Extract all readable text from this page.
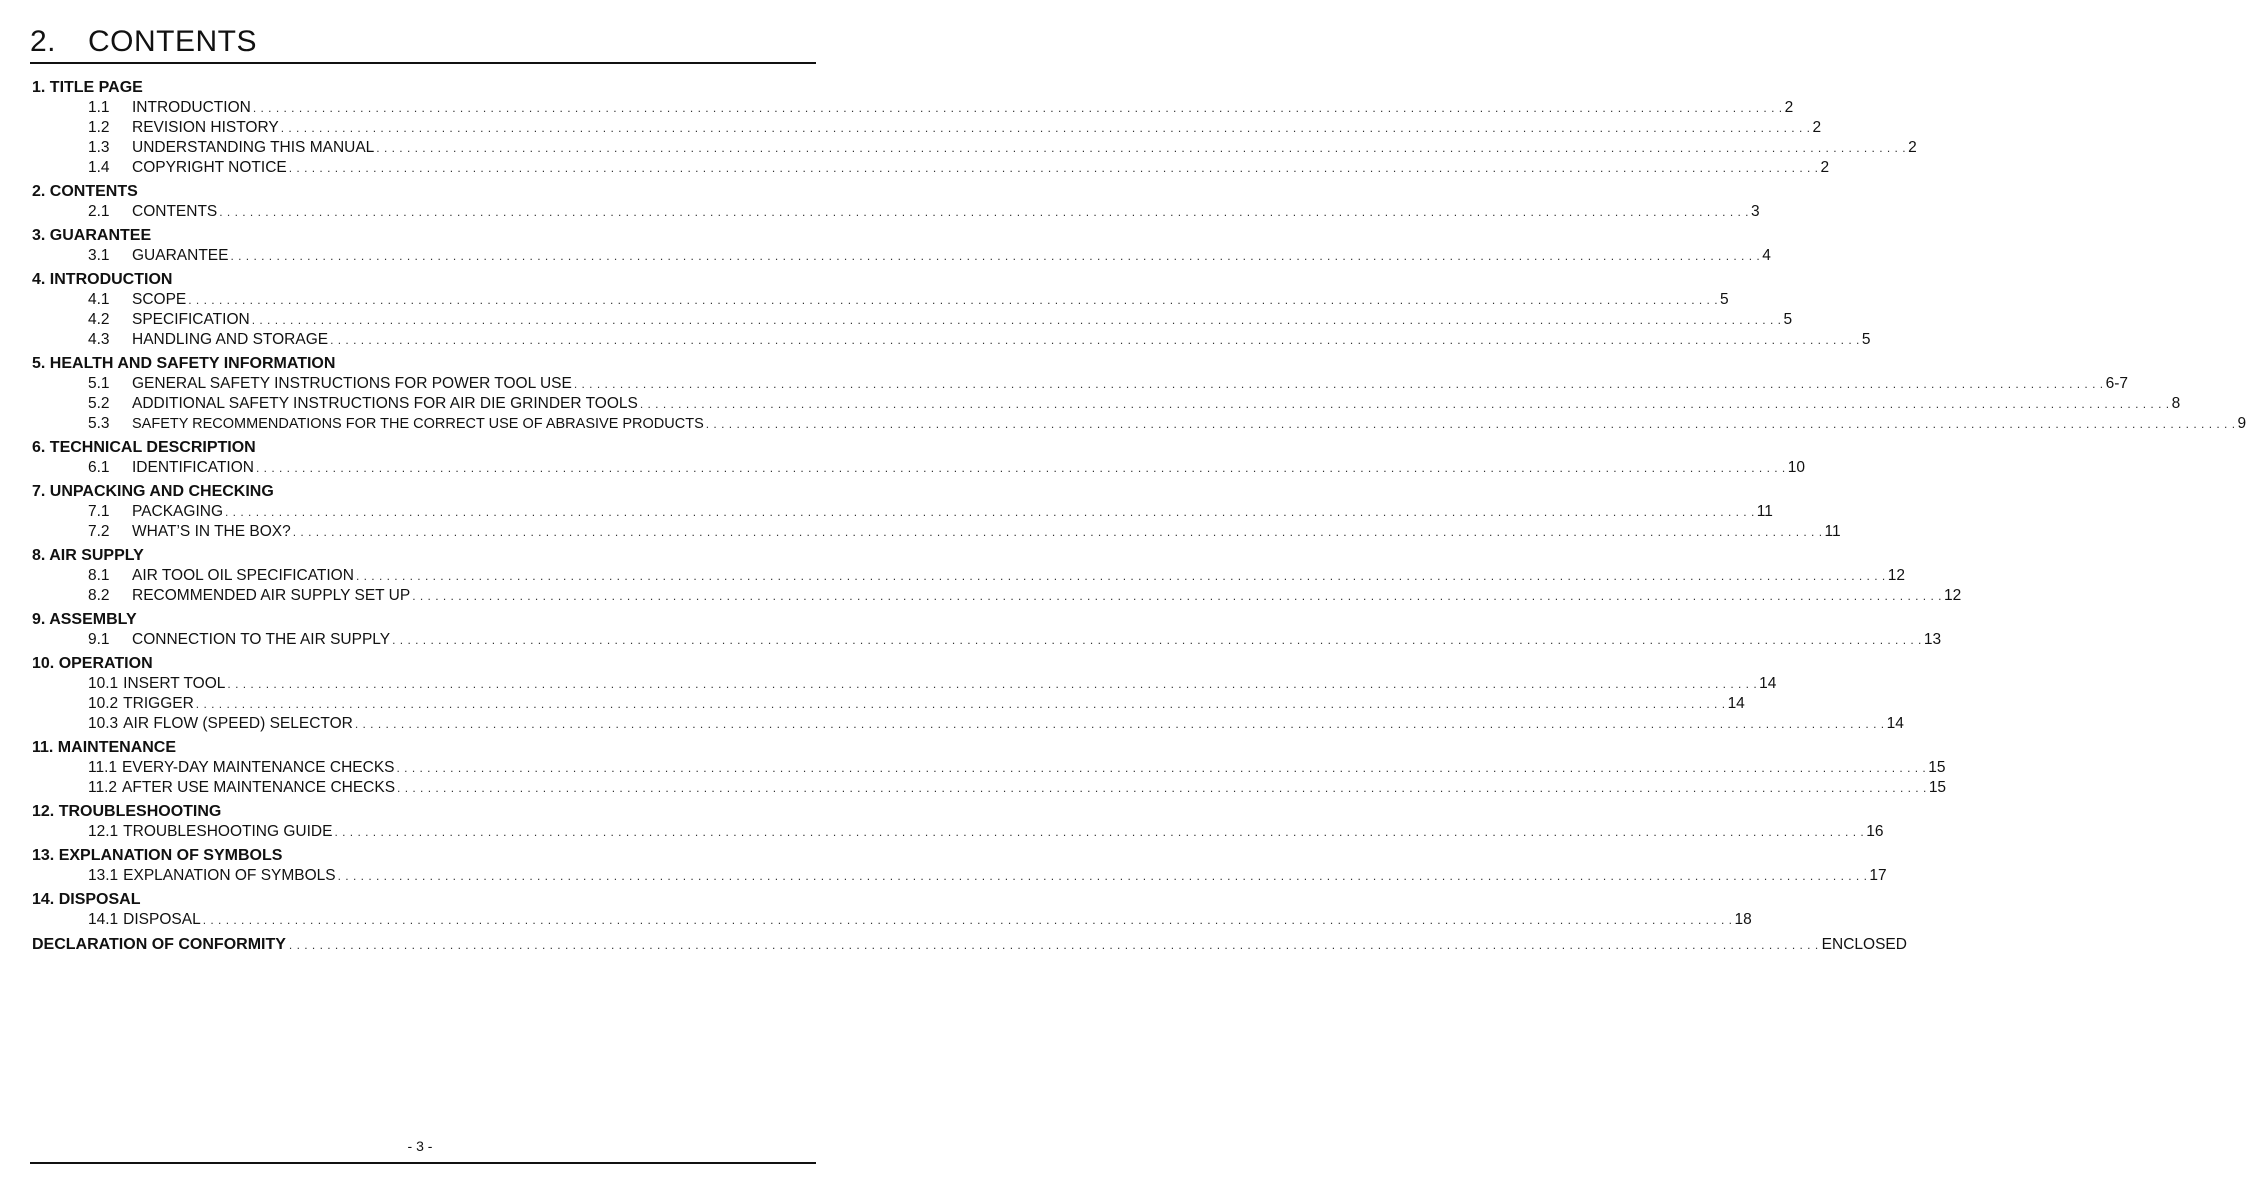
2. CONTENTS
1. TITLE PAGE
1.1	INTRODUCTION . . . . . . . . . . . . . . . . . . . . . . . . . . . . . . . . . . . . . . . . . . . . . . . . . . . . . . . . . . . . . . . . . . . . . . . . . . . . . . . . . . . . . . . . . . . . . . . . . . . . . . . . . . . . . . . . . . . . . . . . . . . . . . . . . . . . . . . . . . . . . . . . . . . . . . . . . . . . . . . . . . . . . . . . . . . . . . . . . . . . . . . . . . . . . . . . . . . . . . . . 2
1.2	REVISION HISTORY . . . . . . . . . . . . . . . . . . . . . . . . . . . . . . . . . . . . . . . . . . . . . . . . . . . . . . . . . . . . . . . . . . . . . . . . . . . . . . . . . . . . . . . . . . . . . . . . . . . . . . . . . . . . . . . . . . . . . . . . . . . . . . . . . . . . . . . . . . . . . . . . . . . . . . . . . . . . . . . . . . . . . . . . . . . . . . . . . . . . . . . . . . . . . . . . . . . . . . . . 2
1.3	UNDERSTANDING THIS MANUAL . . . . . . . . . . . . . . . . . . . . . . . . . . . . . . . . . . . . . . . . . . . . . . . . . . . . . . . . . . . . . . . . . . . . . . . . . . . . . . . . . . . . . . . . . . . . . . . . . . . . . . . . . . . . . . . . . . . . . . . . . . . . . . . . . . . . . . . . . . . . . . . . . . . . . . . . . . . . . . . . . . . . . . . . . . . . . . . . . . . . . . . . . . . . . . . . . . . . . . . . 2
1.4	COPYRIGHT NOTICE . . . . . . . . . . . . . . . . . . . . . . . . . . . . . . . . . . . . . . . . . . . . . . . . . . . . . . . . . . . . . . . . . . . . . . . . . . . . . . . . . . . . . . . . . . . . . . . . . . . . . . . . . . . . . . . . . . . . . . . . . . . . . . . . . . . . . . . . . . . . . . . . . . . . . . . . . . . . . . . . . . . . . . . . . . . . . . . . . . . . . . . . . . . . . . . . . . . . . . . . 2
2. CONTENTS
2.1	CONTENTS . . . . . . . . . . . . . . . . . . . . . . . . . . . . . . . . . . . . . . . . . . . . . . . . . . . . . . . . . . . . . . . . . . . . . . . . . . . . . . . . . . . . . . . . . . . . . . . . . . . . . . . . . . . . . . . . . . . . . . . . . . . . . . . . . . . . . . . . . . . . . . . . . . . . . . . . . . . . . . . . . . . . . . . . . . . . . . . . . . . . . . . . . . . . . . . . . . . . . . . . 3
3. GUARANTEE
3.1	GUARANTEE . . . . . . . . . . . . . . . . . . . . . . . . . . . . . . . . . . . . . . . . . . . . . . . . . . . . . . . . . . . . . . . . . . . . . . . . . . . . . . . . . . . . . . . . . . . . . . . . . . . . . . . . . . . . . . . . . . . . . . . . . . . . . . . . . . . . . . . . . . . . . . . . . . . . . . . . . . . . . . . . . . . . . . . . . . . . . . . . . . . . . . . . . . . . . . . . . . . . . . . . 4
4. INTRODUCTION
4.1	SCOPE . . . . . . . . . . . . . . . . . . . . . . . . . . . . . . . . . . . . . . . . . . . . . . . . . . . . . . . . . . . . . . . . . . . . . . . . . . . . . . . . . . . . . . . . . . . . . . . . . . . . . . . . . . . . . . . . . . . . . . . . . . . . . . . . . . . . . . . . . . . . . . . . . . . . . . . . . . . . . . . . . . . . . . . . . . . . . . . . . . . . . . . . . . . . . . . . . . . . . . . . 5
4.2	SPECIFICATION . . . . . . . . . . . . . . . . . . . . . . . . . . . . . . . . . . . . . . . . . . . . . . . . . . . . . . . . . . . . . . . . . . . . . . . . . . . . . . . . . . . . . . . . . . . . . . . . . . . . . . . . . . . . . . . . . . . . . . . . . . . . . . . . . . . . . . . . . . . . . . . . . . . . . . . . . . . . . . . . . . . . . . . . . . . . . . . . . . . . . . . . . . . . . . . . . . . . . . . . 5
4.3	HANDLING AND STORAGE . . . . . . . . . . . . . . . . . . . . . . . . . . . . . . . . . . . . . . . . . . . . . . . . . . . . . . . . . . . . . . . . . . . . . . . . . . . . . . . . . . . . . . . . . . . . . . . . . . . . . . . . . . . . . . . . . . . . . . . . . . . . . . . . . . . . . . . . . . . . . . . . . . . . . . . . . . . . . . . . . . . . . . . . . . . . . . . . . . . . . . . . . . . . . . . . . . . . . . . . 5
5. HEALTH AND SAFETY INFORMATION
5.1	GENERAL SAFETY INSTRUCTIONS FOR POWER TOOL USE . . . . . . . . . . . . . . . . . . . . . . . . . . . . . . . . . . . . . . . . . . . . . . . . . . . . . . . . . . . . . . . . . . . . . . . . . . . . . . . . . . . . . . . . . . . . . . . . . . . . . . . . . . . . . . . . . . . . . . . . . . . . . . . . . . . . . . . . . . . . . . . . . . . . . . . . . . . . . . . . . . . . . . . . . . . . . . . . . . . . . . . . . . . . . . . . . . . . . . . . 6-7
5.2	ADDITIONAL SAFETY INSTRUCTIONS FOR AIR DIE GRINDER TOOLS . . . . . . . . . . . . . . . . . . . . . . . . . . . . . . . . . . . . . . . . . . . . . . . . . . . . . . . . . . . . . . . . . . . . . . . . . . . . . . . . . . . . . . . . . . . . . . . . . . . . . . . . . . . . . . . . . . . . . . . . . . . . . . . . . . . . . . . . . . . . . . . . . . . . . . . . . . . . . . . . . . . . . . . . . . . . . . . . . . . . . . . . . . . . . . . . . . . . . . . . 8
5.3	SAFETY RECOMMENDATIONS FOR THE CORRECT USE OF ABRASIVE PRODUCTS . . . . . . . . . . . . . . . . . . . . . . . . . . . . . . . . . . . . . . . . . . . . . . . . . . . . . . . . . . . . . . . . . . . . . . . . . . . . . . . . . . . . . . . . . . . . . . . . . . . . . . . . . . . . . . . . . . . . . . . . . . . . . . . . . . . . . . . . . . . . . . . . . . . . . . . . . . . . . . . . . . . . . . . . . . . . . . . . . . . . . . . . . . . . . . . . . . . . . . . . 9
6. TECHNICAL DESCRIPTION
6.1	IDENTIFICATION . . . . . . . . . . . . . . . . . . . . . . . . . . . . . . . . . . . . . . . . . . . . . . . . . . . . . . . . . . . . . . . . . . . . . . . . . . . . . . . . . . . . . . . . . . . . . . . . . . . . . . . . . . . . . . . . . . . . . . . . . . . . . . . . . . . . . . . . . . . . . . . . . . . . . . . . . . . . . . . . . . . . . . . . . . . . . . . . . . . . . . . . . . . . . . . . . . . . . . . . 10
7. UNPACKING AND CHECKING
7.1	PACKAGING . . . . . . . . . . . . . . . . . . . . . . . . . . . . . . . . . . . . . . . . . . . . . . . . . . . . . . . . . . . . . . . . . . . . . . . . . . . . . . . . . . . . . . . . . . . . . . . . . . . . . . . . . . . . . . . . . . . . . . . . . . . . . . . . . . . . . . . . . . . . . . . . . . . . . . . . . . . . . . . . . . . . . . . . . . . . . . . . . . . . . . . . . . . . . . . . . . . . . . . . 11
7.2	WHAT’S IN THE BOX? . . . . . . . . . . . . . . . . . . . . . . . . . . . . . . . . . . . . . . . . . . . . . . . . . . . . . . . . . . . . . . . . . . . . . . . . . . . . . . . . . . . . . . . . . . . . . . . . . . . . . . . . . . . . . . . . . . . . . . . . . . . . . . . . . . . . . . . . . . . . . . . . . . . . . . . . . . . . . . . . . . . . . . . . . . . . . . . . . . . . . . . . . . . . . . . . . . . . . . . . 11
8. AIR SUPPLY
8.1	AIR TOOL OIL SPECIFICATION . . . . . . . . . . . . . . . . . . . . . . . . . . . . . . . . . . . . . . . . . . . . . . . . . . . . . . . . . . . . . . . . . . . . . . . . . . . . . . . . . . . . . . . . . . . . . . . . . . . . . . . . . . . . . . . . . . . . . . . . . . . . . . . . . . . . . . . . . . . . . . . . . . . . . . . . . . . . . . . . . . . . . . . . . . . . . . . . . . . . . . . . . . . . . . . . . . . . . . . . 12
8.2	RECOMMENDED AIR SUPPLY SET UP . . . . . . . . . . . . . . . . . . . . . . . . . . . . . . . . . . . . . . . . . . . . . . . . . . . . . . . . . . . . . . . . . . . . . . . . . . . . . . . . . . . . . . . . . . . . . . . . . . . . . . . . . . . . . . . . . . . . . . . . . . . . . . . . . . . . . . . . . . . . . . . . . . . . . . . . . . . . . . . . . . . . . . . . . . . . . . . . . . . . . . . . . . . . . . . . . . . . . . . . 12
9. ASSEMBLY
9.1	CONNECTION TO THE AIR SUPPLY . . . . . . . . . . . . . . . . . . . . . . . . . . . . . . . . . . . . . . . . . . . . . . . . . . . . . . . . . . . . . . . . . . . . . . . . . . . . . . . . . . . . . . . . . . . . . . . . . . . . . . . . . . . . . . . . . . . . . . . . . . . . . . . . . . . . . . . . . . . . . . . . . . . . . . . . . . . . . . . . . . . . . . . . . . . . . . . . . . . . . . . . . . . . . . . . . . . . . . . . 13
10. OPERATION
10.1 INSERT TOOL . . . . . . . . . . . . . . . . . . . . . . . . . . . . . . . . . . . . . . . . . . . . . . . . . . . . . . . . . . . . . . . . . . . . . . . . . . . . . . . . . . . . . . . . . . . . . . . . . . . . . . . . . . . . . . . . . . . . . . . . . . . . . . . . . . . . . . . . . . . . . . . . . . . . . . . . . . . . . . . . . . . . . . . . . . . . . . . . . . . . . . . . . . . . . . . . . . . . . . . . 14
10.2 TRIGGER . . . . . . . . . . . . . . . . . . . . . . . . . . . . . . . . . . . . . . . . . . . . . . . . . . . . . . . . . . . . . . . . . . . . . . . . . . . . . . . . . . . . . . . . . . . . . . . . . . . . . . . . . . . . . . . . . . . . . . . . . . . . . . . . . . . . . . . . . . . . . . . . . . . . . . . . . . . . . . . . . . . . . . . . . . . . . . . . . . . . . . . . . . . . . . . . . . . . . . . . 14
10.3 AIR FLOW (SPEED) SELECTOR . . . . . . . . . . . . . . . . . . . . . . . . . . . . . . . . . . . . . . . . . . . . . . . . . . . . . . . . . . . . . . . . . . . . . . . . . . . . . . . . . . . . . . . . . . . . . . . . . . . . . . . . . . . . . . . . . . . . . . . . . . . . . . . . . . . . . . . . . . . . . . . . . . . . . . . . . . . . . . . . . . . . . . . . . . . . . . . . . . . . . . . . . . . . . . . . . . . . . . . . 14
11. MAINTENANCE
11.1 EVERY-DAY MAINTENANCE CHECKS . . . . . . . . . . . . . . . . . . . . . . . . . . . . . . . . . . . . . . . . . . . . . . . . . . . . . . . . . . . . . . . . . . . . . . . . . . . . . . . . . . . . . . . . . . . . . . . . . . . . . . . . . . . . . . . . . . . . . . . . . . . . . . . . . . . . . . . . . . . . . . . . . . . . . . . . . . . . . . . . . . . . . . . . . . . . . . . . . . . . . . . . . . . . . . . . . . . . . . . . 15
11.2 AFTER USE MAINTENANCE CHECKS . . . . . . . . . . . . . . . . . . . . . . . . . . . . . . . . . . . . . . . . . . . . . . . . . . . . . . . . . . . . . . . . . . . . . . . . . . . . . . . . . . . . . . . . . . . . . . . . . . . . . . . . . . . . . . . . . . . . . . . . . . . . . . . . . . . . . . . . . . . . . . . . . . . . . . . . . . . . . . . . . . . . . . . . . . . . . . . . . . . . . . . . . . . . . . . . . . . . . . . . 15
12. TROUBLESHOOTING
12.1 TROUBLESHOOTING GUIDE . . . . . . . . . . . . . . . . . . . . . . . . . . . . . . . . . . . . . . . . . . . . . . . . . . . . . . . . . . . . . . . . . . . . . . . . . . . . . . . . . . . . . . . . . . . . . . . . . . . . . . . . . . . . . . . . . . . . . . . . . . . . . . . . . . . . . . . . . . . . . . . . . . . . . . . . . . . . . . . . . . . . . . . . . . . . . . . . . . . . . . . . . . . . . . . . . . . . . . . . 16
13. EXPLANATION OF SYMBOLS
13.1 EXPLANATION OF SYMBOLS . . . . . . . . . . . . . . . . . . . . . . . . . . . . . . . . . . . . . . . . . . . . . . . . . . . . . . . . . . . . . . . . . . . . . . . . . . . . . . . . . . . . . . . . . . . . . . . . . . . . . . . . . . . . . . . . . . . . . . . . . . . . . . . . . . . . . . . . . . . . . . . . . . . . . . . . . . . . . . . . . . . . . . . . . . . . . . . . . . . . . . . . . . . . . . . . . . . . . . . . 17
14. DISPOSAL
14.1 DISPOSAL . . . . . . . . . . . . . . . . . . . . . . . . . . . . . . . . . . . . . . . . . . . . . . . . . . . . . . . . . . . . . . . . . . . . . . . . . . . . . . . . . . . . . . . . . . . . . . . . . . . . . . . . . . . . . . . . . . . . . . . . . . . . . . . . . . . . . . . . . . . . . . . . . . . . . . . . . . . . . . . . . . . . . . . . . . . . . . . . . . . . . . . . . . . . . . . . . . . . . . . . 18
DECLARATION OF CONFORMITY . . . . . . . . . . . . . . . . . . . . . . . . . . . . . . . . . . . . . . . . . . . . . . . . . . . . . . . . . . . . . . . . . . . . . . . . . . . . . . . . . . . . . . . . . . . . . . . . . . . . . . . . . . . . . . . . . . . . . . . . . . . . . . . . . . . . . . . . . . . . . . . . . . . . . . . . . . . . . . . . . . . . . . . . . . . . . . . . . . . . . . . . . . . . . . . . . . . . . . . . ENCLOSED
- 3 -
